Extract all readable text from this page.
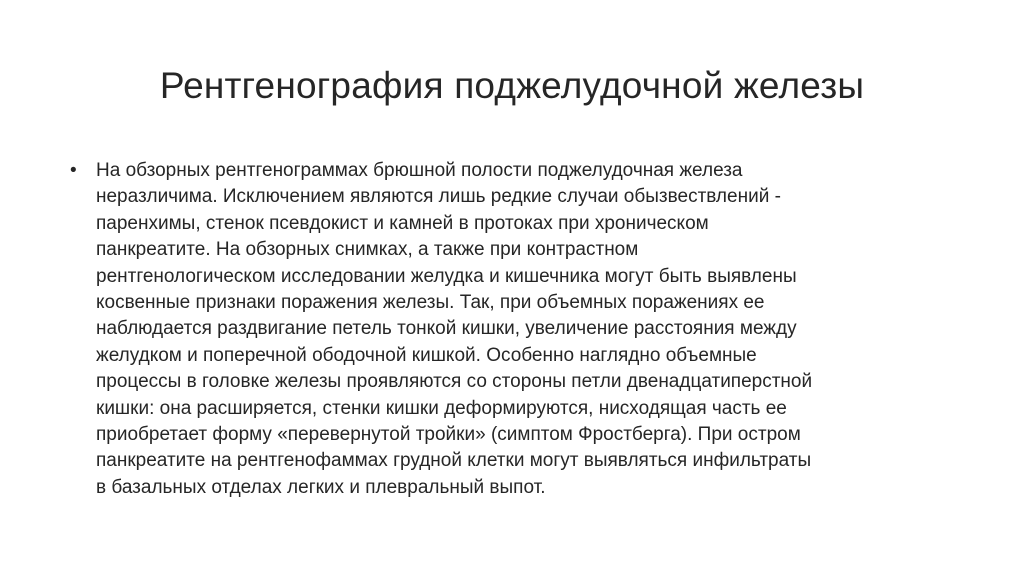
Рентгенография поджелудочной железы
• На обзорных рентгенограммах брюшной полости поджелудочная железа
неразличима. Исключением являются лишь редкие случаи обызвествлений -
паренхимы, стенок псевдокист и камней в протоках при хроническом
панкреатите. На обзорных снимках, а также при контрастном
рентгенологическом исследовании желудка и кишечника могут быть выявлены
косвенные признаки поражения железы. Так, при объемных поражениях ее
наблюдается раздвигание петель тонкой кишки, увеличение расстояния между
желудком и поперечной ободочной кишкой. Особенно наглядно объемные
процессы в головке железы проявляются со стороны петли двенадцатиперстной
кишки: она расширяется, стенки кишки деформируются, нисходящая часть ее
приобретает форму «перевернутой тройки» (симптом Фростберга). При остром
панкреатите на рентгенофаммах грудной клетки могут выявляться инфильтраты
в базальных отделах легких и плевральный выпот.
